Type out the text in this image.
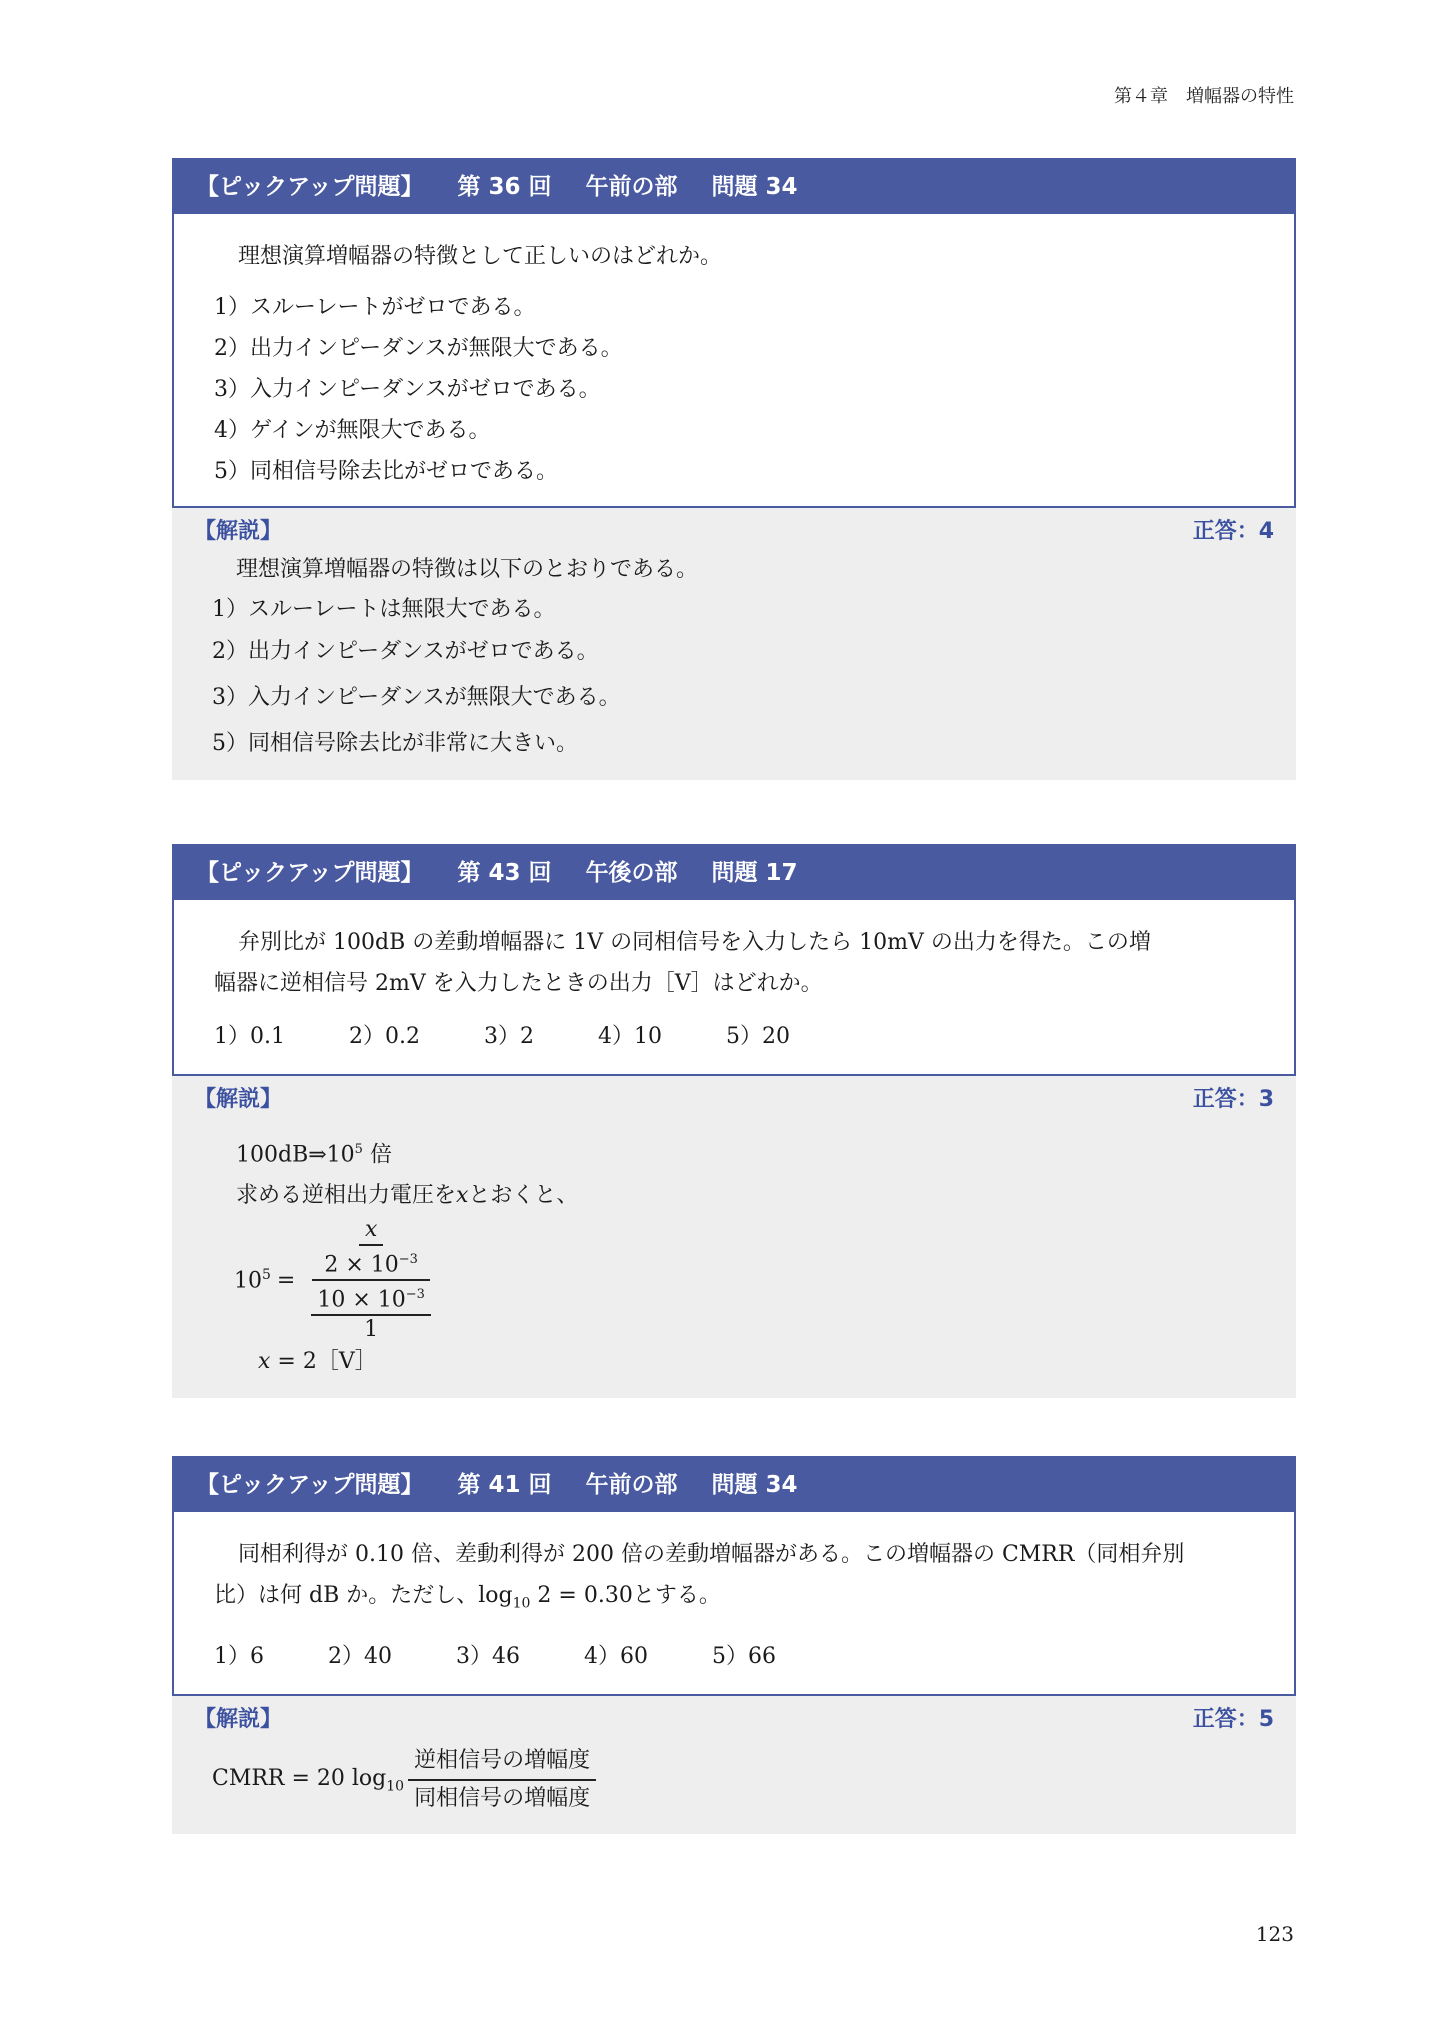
第４章　増幅器の特性
【ピックアップ問題】 第 36 回 午前の部 問題 34

理想演算増幅器の特徴として正しいのはどれか。

1）スルーレートがゼロである。
2）出力インピーダンスが無限大である。
3）入力インピーダンスがゼロである。
4）ゲインが無限大である。
5）同相信号除去比がゼロである。
【解説】	正答：4
理想演算増幅器の特徴は以下のとおりである。
1）スルーレートは無限大である。
2）出力インピーダンスがゼロである。
3）入力インピーダンスが無限大である。
5）同相信号除去比が非常に大きい。
【ピックアップ問題】 第 43 回 午後の部 問題 17

弁別比が 100dB の差動増幅器に 1V の同相信号を入力したら 10mV の出力を得た。この増

幅器に逆相信号 2mV を入力したときの出力［V］はどれか。

1）0.1	2）0.2	3）2	4）10	5）20
【解説】	正答：3
$100dB\Rightarrow 10^5$ 倍
求める逆相出力電圧を𝑥とおくと、
$10^5 = \frac{\frac{\text{𝑥}}{2 \times 10^{-3}}}{\frac{10 \times 10^{-3}}{1}}$
𝑥 = 2［V］
【ピックアップ問題】 第 41 回 午前の部 問題 34

同相利得が 0.10 倍、差動利得が 200 倍の差動増幅器がある。この増幅器の CMRR（同相弁別

比）は何 dB か。ただし、$\log_{10} 2 = 0.30$とする。

1）6	2）40	3）46	4）60	5）66
【解説】	正答：5
CMRR = 20 $\log_{10} \frac{\text{逆相信号の増幅度}}{\text{同相信号の増幅度}}$
123
